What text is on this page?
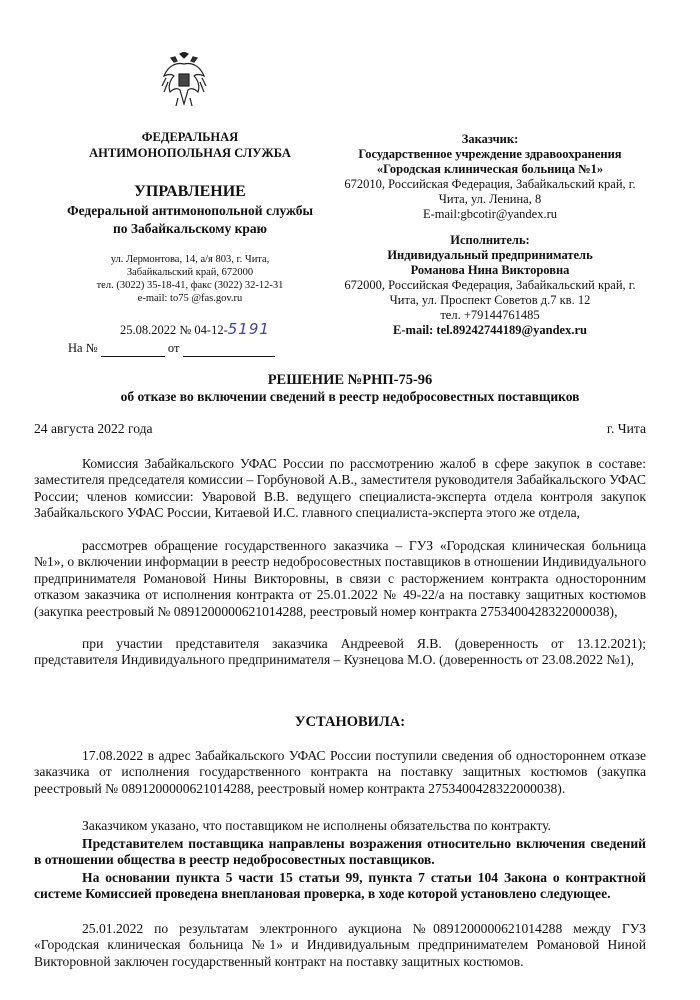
ФЕДЕРАЛЬНАЯ
АНТИМОНОПОЛЬНАЯ СЛУЖБА
УПРАВЛЕНИЕ
Федеральной антимонопольной службы
по Забайкальскому краю
ул. Лермонтова, 14, а/я 803, г. Чита,
Забайкальский край, 672000
тел. (3022) 35-18-41, факс (3022) 32-12-31
e-mail: to75 @fas.gov.ru
25.08.2022 № 04-12-5191
На №	от
Заказчик:
Государственное учреждение здравоохранения
«Городская клиническая больница №1»
672010, Российская Федерация, Забайкальский край, г.
Чита, ул. Ленина, 8
E-mail:gbcotir@yandex.ru
Исполнитель:
Индивидуальный предприниматель
Романова Нина Викторовна
672000, Российская Федерация, Забайкальский край, г.
Чита, ул. Проспект Советов д.7 кв. 12
тел. +79144761485
E-mail: tel.89242744189@yandex.ru
РЕШЕНИЕ №РНП-75-96
об отказе во включении сведений в реестр недобросовестных поставщиков
24 августа 2022 года	г. Чита
Комиссия Забайкальского УФАС России по рассмотрению жалоб в сфере закупок в составе: заместителя председателя комиссии – Горбуновой А.В., заместителя руководителя Забайкальского УФАС России; членов комиссии: Уваровой В.В. ведущего специалиста-эксперта отдела контроля закупок Забайкальского УФАС России, Китаевой И.С. главного специалиста-эксперта этого же отдела,
рассмотрев обращение государственного заказчика – ГУЗ «Городская клиническая больница №1», о включении информации в реестр недобросовестных поставщиков в отношении Индивидуального предпринимателя Романовой Нины Викторовны, в связи с расторжением контракта односторонним отказом заказчика от исполнения контракта от 25.01.2022 № 49-22/а на поставку защитных костюмов (закупка реестровый № 0891200000621014288, реестровый номер контракта 2753400428322000038),
при участии представителя заказчика Андреевой Я.В. (доверенность от 13.12.2021); представителя Индивидуального предпринимателя – Кузнецова М.О. (доверенность от 23.08.2022 №1),
УСТАНОВИЛА:
17.08.2022 в адрес Забайкальского УФАС России поступили сведения об одностороннем отказе заказчика от исполнения государственного контракта на поставку защитных костюмов (закупка реестровый № 0891200000621014288, реестровый номер контракта 2753400428322000038).
Заказчиком указано, что поставщиком не исполнены обязательства по контракту.
Представителем поставщика направлены возражения относительно включения сведений в отношении общества в реестр недобросовестных поставщиков.
На основании пункта 5 части 15 статьи 99, пункта 7 статьи 104 Закона о контрактной системе Комиссией проведена внеплановая проверка, в ходе которой установлено следующее.
25.01.2022 по результатам электронного аукциона №0891200000621014288 между ГУЗ «Городская клиническая больница №1» и Индивидуальным предпринимателем Романовой Ниной Викторовной заключен государственный контракт на поставку защитных костюмов.
